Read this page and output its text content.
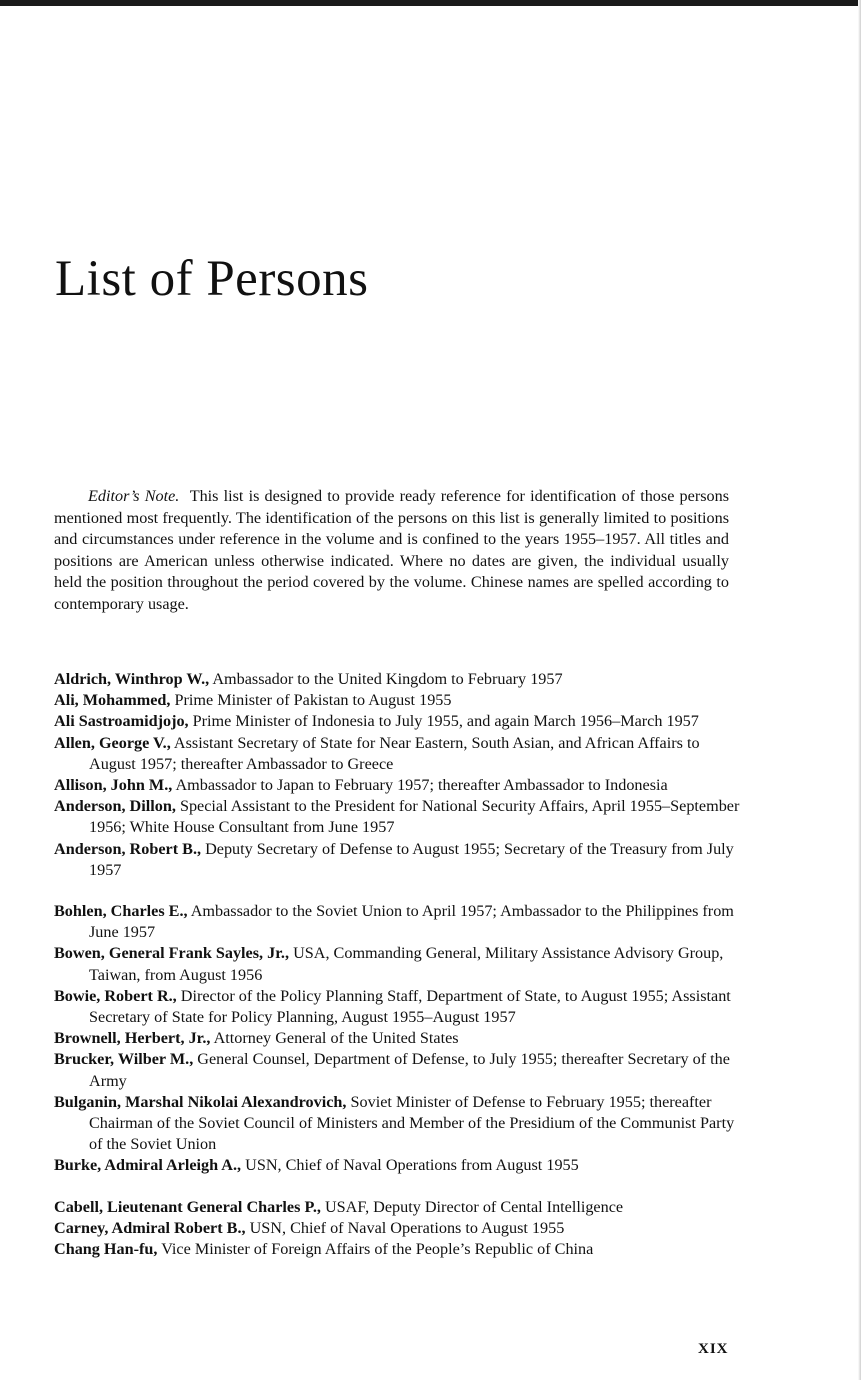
List of Persons

Editor’s Note. This list is designed to provide ready reference for identification of those persons mentioned most frequently. The identification of the persons on this list is generally limited to positions and circumstances under reference in the volume and is confined to the years 1955–1957. All titles and positions are American unless otherwise indicated. Where no dates are given, the individual usually held the position throughout the period covered by the volume. Chinese names are spelled according to contemporary usage.

Aldrich, Winthrop W., Ambassador to the United Kingdom to February 1957
Ali, Mohammed, Prime Minister of Pakistan to August 1955
Ali Sastroamidjojo, Prime Minister of Indonesia to July 1955, and again March 1956–March 1957
Allen, George V., Assistant Secretary of State for Near Eastern, South Asian, and African Affairs to August 1957; thereafter Ambassador to Greece
Allison, John M., Ambassador to Japan to February 1957; thereafter Ambassador to Indonesia
Anderson, Dillon, Special Assistant to the President for National Security Affairs, April 1955–September 1956; White House Consultant from June 1957
Anderson, Robert B., Deputy Secretary of Defense to August 1955; Secretary of the Treasury from July 1957
Bohlen, Charles E., Ambassador to the Soviet Union to April 1957; Ambassador to the Philippines from June 1957
Bowen, General Frank Sayles, Jr., USA, Commanding General, Military Assistance Advisory Group, Taiwan, from August 1956
Bowie, Robert R., Director of the Policy Planning Staff, Department of State, to August 1955; Assistant Secretary of State for Policy Planning, August 1955–August 1957
Brownell, Herbert, Jr., Attorney General of the United States
Brucker, Wilber M., General Counsel, Department of Defense, to July 1955; thereafter Secretary of the Army
Bulganin, Marshal Nikolai Alexandrovich, Soviet Minister of Defense to February 1955; thereafter Chairman of the Soviet Council of Ministers and Member of the Presidium of the Communist Party of the Soviet Union
Burke, Admiral Arleigh A., USN, Chief of Naval Operations from August 1955
Cabell, Lieutenant General Charles P., USAF, Deputy Director of Cental Intelligence
Carney, Admiral Robert B., USN, Chief of Naval Operations to August 1955
Chang Han-fu, Vice Minister of Foreign Affairs of the People’s Republic of China
XIX
